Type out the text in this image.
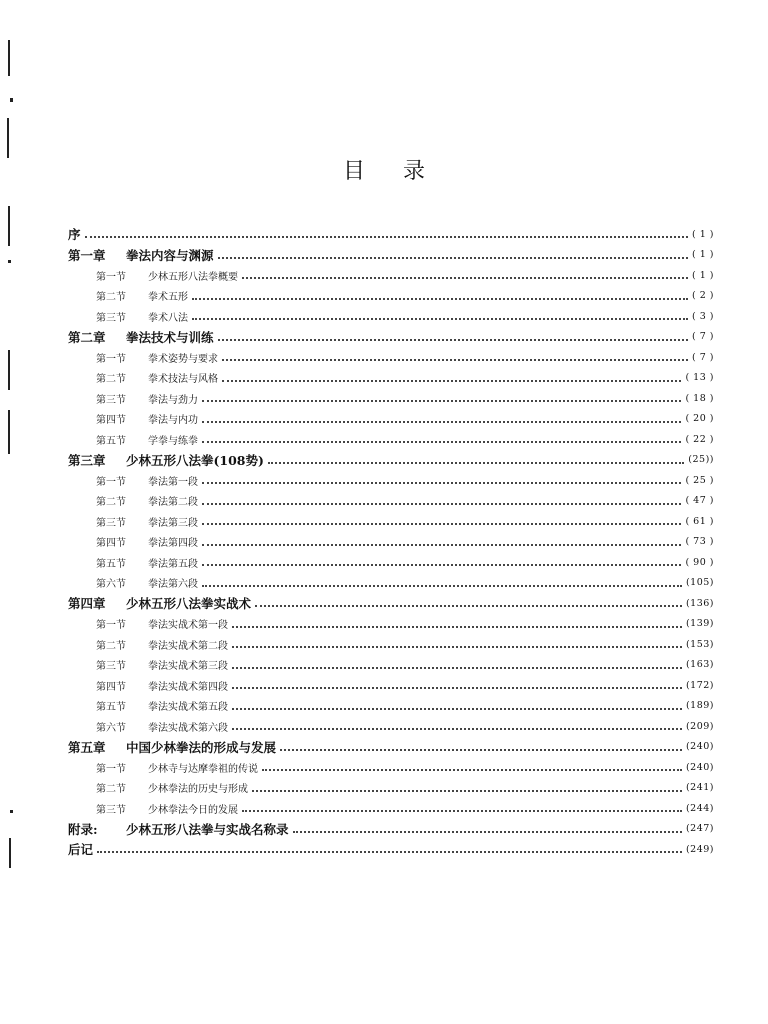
目 录
序	( 1 )
第一章	拳法内容与渊源	( 1 )
第一节	少林五形八法拳概要	( 1 )
第二节	拳术五形	( 2 )
第三节	拳术八法	( 3 )
第二章	拳法技术与训练	( 7 )
第一节	拳术姿势与要求	( 7 )
第二节	拳术技法与风格	( 13 )
第三节	拳法与劲力	( 18 )
第四节	拳法与内功	( 20 )
第五节	学拳与练拳	( 22 )
第三章	少林五形八法拳(108势)	(25))
第一节	拳法第一段	( 25 )
第二节	拳法第二段	( 47 )
第三节	拳法第三段	( 61 )
第四节	拳法第四段	( 73 )
第五节	拳法第五段	( 90 )
第六节	拳法第六段	(105)
第四章	少林五形八法拳实战术	(136)
第一节	拳法实战术第一段	(139)
第二节	拳法实战术第二段	(153)
第三节	拳法实战术第三段	(163)
第四节	拳法实战术第四段	(172)
第五节	拳法实战术第五段	(189)
第六节	拳法实战术第六段	(209)
第五章	中国少林拳法的形成与发展	(240)
第一节	少林寺与达摩拳祖的传说	(240)
第二节	少林拳法的历史与形成	(241)
第三节	少林拳法今日的发展	(244)
附录:	少林五形八法拳与实战名称录	(247)
后记	(249)
